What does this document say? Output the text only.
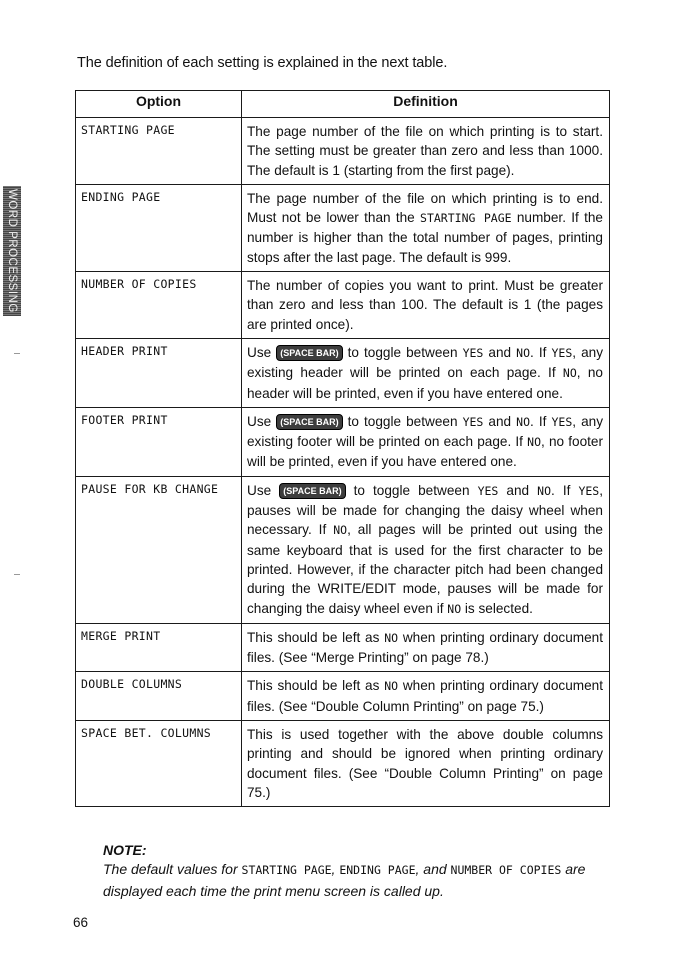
The definition of each setting is explained in the next table.
WORD PROCESSING
Option	Definition
STARTING PAGE	The page number of the file on which printing is to start. The setting must be greater than zero and less than 1000. The default is 1 (starting from the first page).
ENDING PAGE	The page number of the file on which printing is to end. Must not be lower than the STARTING PAGE number. If the number is higher than the total number of pages, printing stops after the last page. The default is 999.
NUMBER OF COPIES	The number of copies you want to print. Must be greater than zero and less than 100. The default is 1 (the pages are printed once).
HEADER PRINT	Use (SPACE BAR) to toggle between YES and NO. If YES, any existing header will be printed on each page. If NO, no header will be printed, even if you have entered one.
FOOTER PRINT	Use (SPACE BAR) to toggle between YES and NO. If YES, any existing footer will be printed on each page. If NO, no footer will be printed, even if you have entered one.
PAUSE FOR KB CHANGE	Use (SPACE BAR) to toggle between YES and NO. If YES, pauses will be made for changing the daisy wheel when necessary. If NO, all pages will be printed out using the same keyboard that is used for the first character to be printed. However, if the character pitch had been changed during the WRITE/EDIT mode, pauses will be made for changing the daisy wheel even if NO is selected.
MERGE PRINT	This should be left as NO when printing ordinary document files. (See “Merge Printing” on page 78.)
DOUBLE COLUMNS	This should be left as NO when printing ordinary document files. (See “Double Column Printing” on page 75.)
SPACE BET. COLUMNS	This is used together with the above double columns printing and should be ignored when printing ordinary document files. (See “Double Column Printing” on page 75.)
NOTE:
The default values for STARTING PAGE, ENDING PAGE, and NUMBER OF COPIES are displayed each time the print menu screen is called up.
66
